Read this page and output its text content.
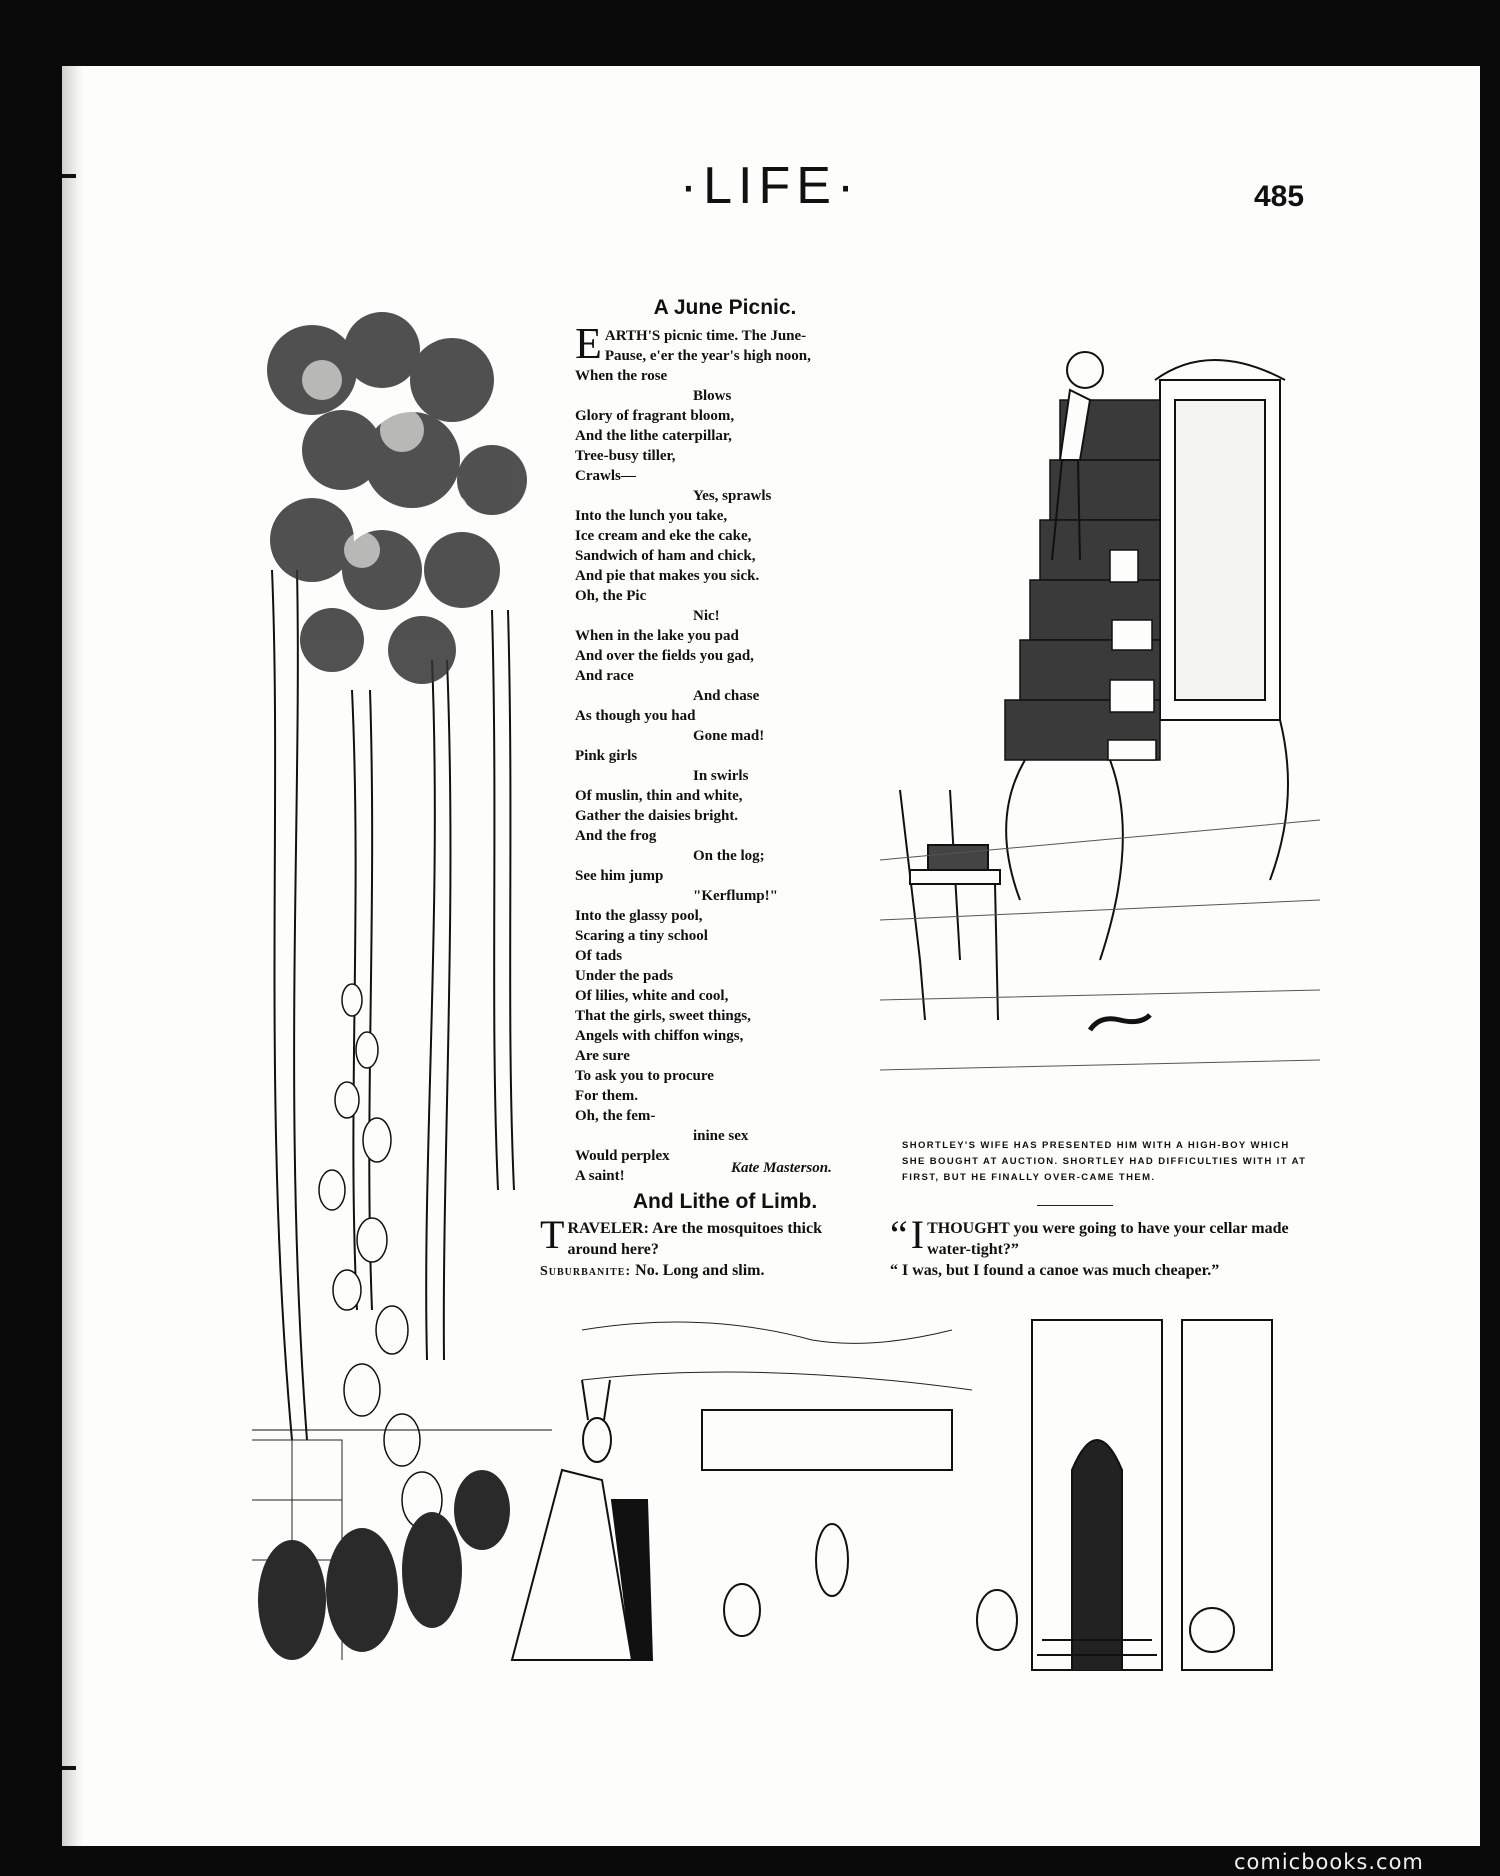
·LIFE·	485
SHORTLEY'S WIFE HAS PRESENTED HIM WITH A HIGH-BOY WHICH SHE BOUGHT AT AUCTION. SHORTLEY HAD DIFFICULTIES WITH IT AT FIRST, BUT HE FINALLY OVER-CAME THEM.
A June Picnic.
E ARTH'S picnic time. The June-
Pause, e'er the year's high noon,
When the rose
Blows
Glory of fragrant bloom,
And the lithe caterpillar,
Tree-busy tiller,
Crawls—
Yes, sprawls
Into the lunch you take,
Ice cream and eke the cake,
Sandwich of ham and chick,
And pie that makes you sick.
Oh, the Pic
Nic!
When in the lake you pad
And over the fields you gad,
And race
And chase
As though you had
Gone mad!
Pink girls
In swirls
Of muslin, thin and white,
Gather the daisies bright.
And the frog
On the log;
See him jump
"Kerflump!"
Into the glassy pool,
Scaring a tiny school
Of tads
Under the pads
Of lilies, white and cool,
That the girls, sweet things,
Angels with chiffon wings,
Are sure
To ask you to procure
For them.
Oh, the fem-
inine sex
Would perplex
A saint!	Kate Masterson.
And Lithe of Limb.
T RAVELER: Are the mosquitoes thick around here?
Suburbanite: No. Long and slim.
“ I THOUGHT you were going to have your cellar made water-tight?”
“ I was, but I found a canoe was much cheaper.”
comicbooks.com
